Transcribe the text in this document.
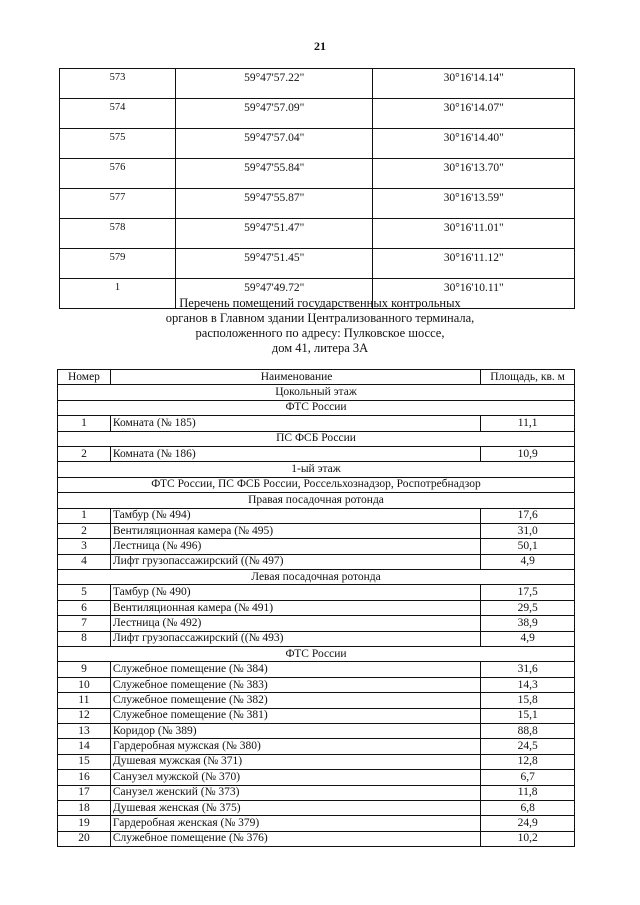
21
573	59°47'57.22"	30°16'14.14"
574	59°47'57.09"	30°16'14.07"
575	59°47'57.04"	30°16'14.40"
576	59°47'55.84"	30°16'13.70"
577	59°47'55.87"	30°16'13.59"
578	59°47'51.47"	30°16'11.01"
579	59°47'51.45"	30°16'11.12"
1	59°47'49.72"	30°16'10.11"
Перечень помещений государственных контрольных
органов в Главном здании Централизованного терминала,
расположенного по адресу: Пулковское шоссе,
дом 41, литера 3А
Номер	Наименование	Площадь, кв. м
Цокольный этаж		
ФТС России		
1	Комната (№ 185)	11,1
ПС ФСБ России		
2	Комната (№ 186)	10,9
1-ый этаж		
ФТС России, ПС ФСБ России, Россельхознадзор, Роспотребнадзор		
Правая посадочная ротонда		
1	Тамбур (№ 494)	17,6
2	Вентиляционная камера (№ 495)	31,0
3	Лестница (№ 496)	50,1
4	Лифт грузопассажирский ((№ 497)	4,9
Левая посадочная ротонда		
5	Тамбур (№ 490)	17,5
6	Вентиляционная камера (№ 491)	29,5
7	Лестница (№ 492)	38,9
8	Лифт грузопассажирский ((№ 493)	4,9
ФТС России		
9	Служебное помещение (№ 384)	31,6
10	Служебное помещение (№ 383)	14,3
11	Служебное помещение (№ 382)	15,8
12	Служебное помещение (№ 381)	15,1
13	Коридор (№ 389)	88,8
14	Гардеробная мужская (№ 380)	24,5
15	Душевая мужская (№ 371)	12,8
16	Санузел мужской (№ 370)	6,7
17	Санузел женский (№ 373)	11,8
18	Душевая женская (№ 375)	6,8
19	Гардеробная женская (№ 379)	24,9
20	Служебное помещение (№ 376)	10,2
